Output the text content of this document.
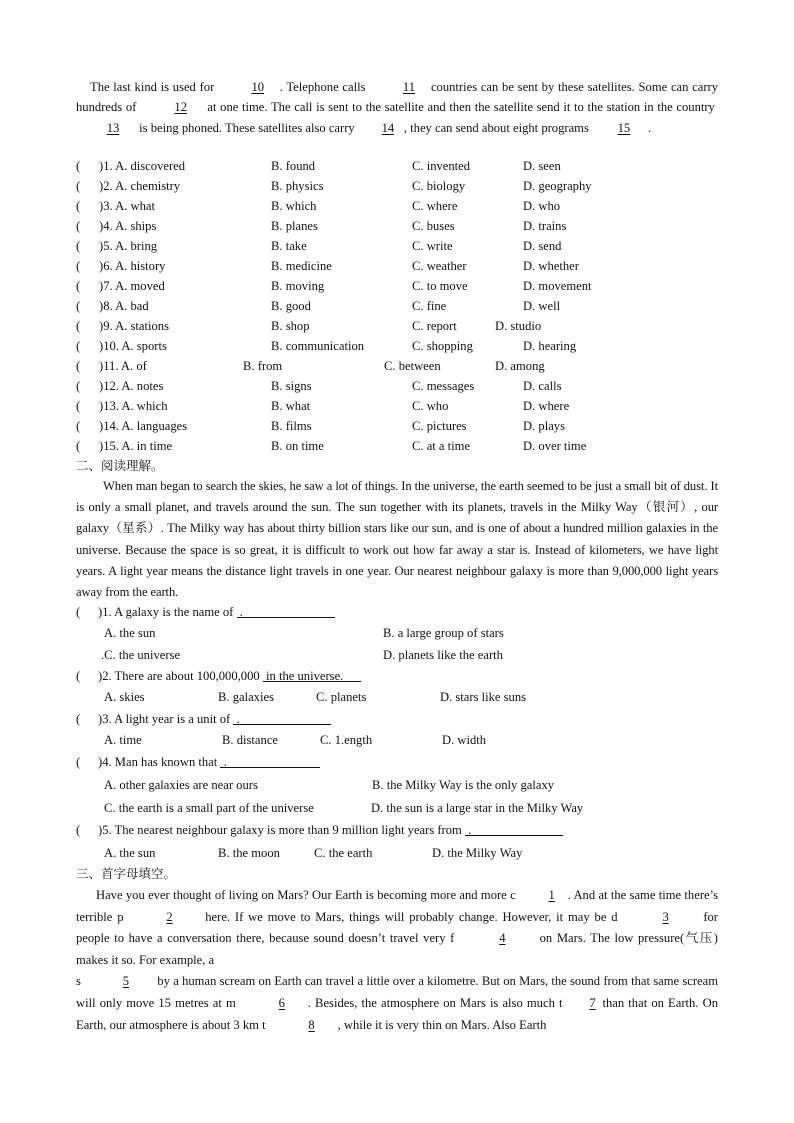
The last kind is used for	10 . Telephone calls	11 countries can be sent by these satellites. Some can carry hundreds of	12 at one time. The call is sent to the satellite and then the satellite send it to the station in the country 13 is being phoned. These satellites also carry 14 , they can send about eight programs 15 .
( )1. A. discovered	B. found	C. invented	D. seen
( )2. A. chemistry	B. physics	C. biology	D. geography
( )3. A. what	B. which	C. where	D. who
( )4. A. ships	B. planes	C. buses	D. trains
( )5. A. bring	B. take	C. write	D. send
( )6. A. history	B. medicine	C. weather	D. whether
( )7. A. moved	B. moving	C. to move	D. movement
( )8. A. bad	B. good	C. fine	D. well
( )9. A. stations	B. shop	C. report	D. studio
( )10. A. sports	B. communication	C. shopping	D. hearing
( )11. A. of	B. from	C. between	D. among
( )12. A. notes	B. signs	C. messages	D. calls
( )13. A. which	B. what	C. who	D. where
( )14. A. languages	B. films	C. pictures	D. plays
( )15. A. in time	B. on time	C. at a time	D. over time
二、阅读理解。
When man began to search the skies, he saw a lot of things. In the universe, the earth seemed to be just a small bit of dust. It is only a small planet, and travels around the sun. The sun together with its planets, travels in the Milky Way（银河）, our galaxy（星系）. The Milky way has about thirty billion stars like our sun, and is one of about a hundred million galaxies in the universe. Because the space is so great, it is difficult to work out how far away a star is. Instead of kilometers, we have light years. A light year means the distance light travels in one year. Our nearest neighbour galaxy is more than 9,000,000 light years away from the earth.
( )1. A galaxy is the name of .
A. the sun	B. a large group of stars
.C. the universe	D. planets like the earth
( )2. There are about 100,000,000 in the universe.
A. skies	B. galaxies	C. planets	D. stars like suns
( )3. A light year is a unit of .
A. time	B. distance	C. 1.ength	D. width
( )4. Man has known that .
A. other galaxies are near ours	B. the Milky Way is the only galaxy
C. the earth is a small part of the universe	D. the sun is a large star in the Milky Way
( )5. The nearest neighbour galaxy is more than 9 million light years from .
A. the sun	B. the moon	C. the earth	D. the Milky Way
三、首字母填空。
Have you ever thought of living on Mars? Our Earth is becoming more and more c	1 . And at the same time there’s terrible p	2	here. If we move to Mars, things will probably change. However, it may be d	3	for people to have a conversation there, because sound doesn’t travel very f	4	on Mars. The low pressure(气压) makes it so. For example, a
s	5 by a human scream on Earth can travel a little over a kilometre. But on Mars, the sound from that same scream will only move 15 metres at m	6 . Besides, the atmosphere on Mars is also much t 7 than that on Earth. On Earth, our atmosphere is about 3 km t	8 , while it is very thin on Mars. Also Earth
